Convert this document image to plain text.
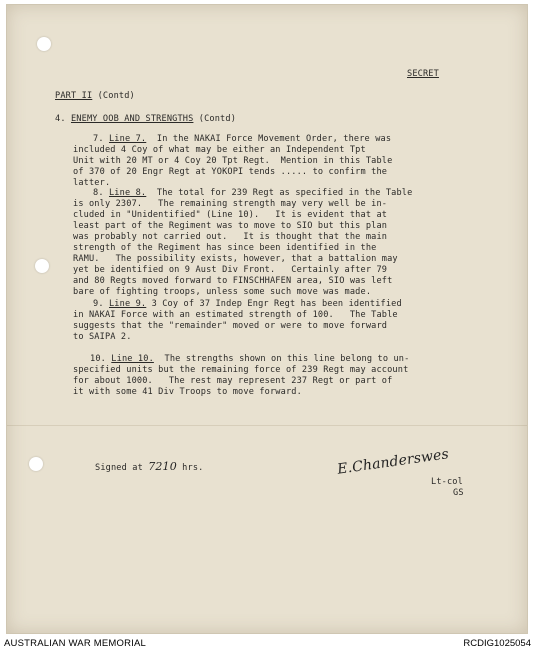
SECRET
PART II (Contd)
4. ENEMY OOB AND STRENGTHS (Contd)
Signed at 7210 hrs.	E.Chanderswes
Lt-col
GS
7. Line 7.  In the NAKAI Force Movement Order, there was
included 4 Coy of what may be either an Independent Tpt
Unit with 20 MT or 4 Coy 20 Tpt Regt.  Mention in this Table
of 370 of 20 Engr Regt at YOKOPI tends ..... to confirm the
latter.
8. Line 8.  The total for 239 Regt as specified in the Table
is only 2307.   The remaining strength may very well be in-
cluded in "Unidentified" (Line 10).   It is evident that at
least part of the Regiment was to move to SIO but this plan
was probably not carried out.   It is thought that the main
strength of the Regiment has since been identified in the
RAMU.   The possibility exists, however, that a battalion may
yet be identified on 9 Aust Div Front.   Certainly after 79
and 80 Regts moved forward to FINSCHHAFEN area, SIO was left
bare of fighting troops, unless some such move was made.
9. Line 9. 3 Coy of 37 Indep Engr Regt has been identified
in NAKAI Force with an estimated strength of 100.   The Table
suggests that the "remainder" moved or were to move forward
to SAIPA 2.
10. Line 10.  The strengths shown on this line belong to un-
specified units but the remaining force of 239 Regt may account
for about 1000.   The rest may represent 237 Regt or part of
it with some 41 Div Troops to move forward.
AUSTRALIAN WAR MEMORIAL	RCDIG1025054
